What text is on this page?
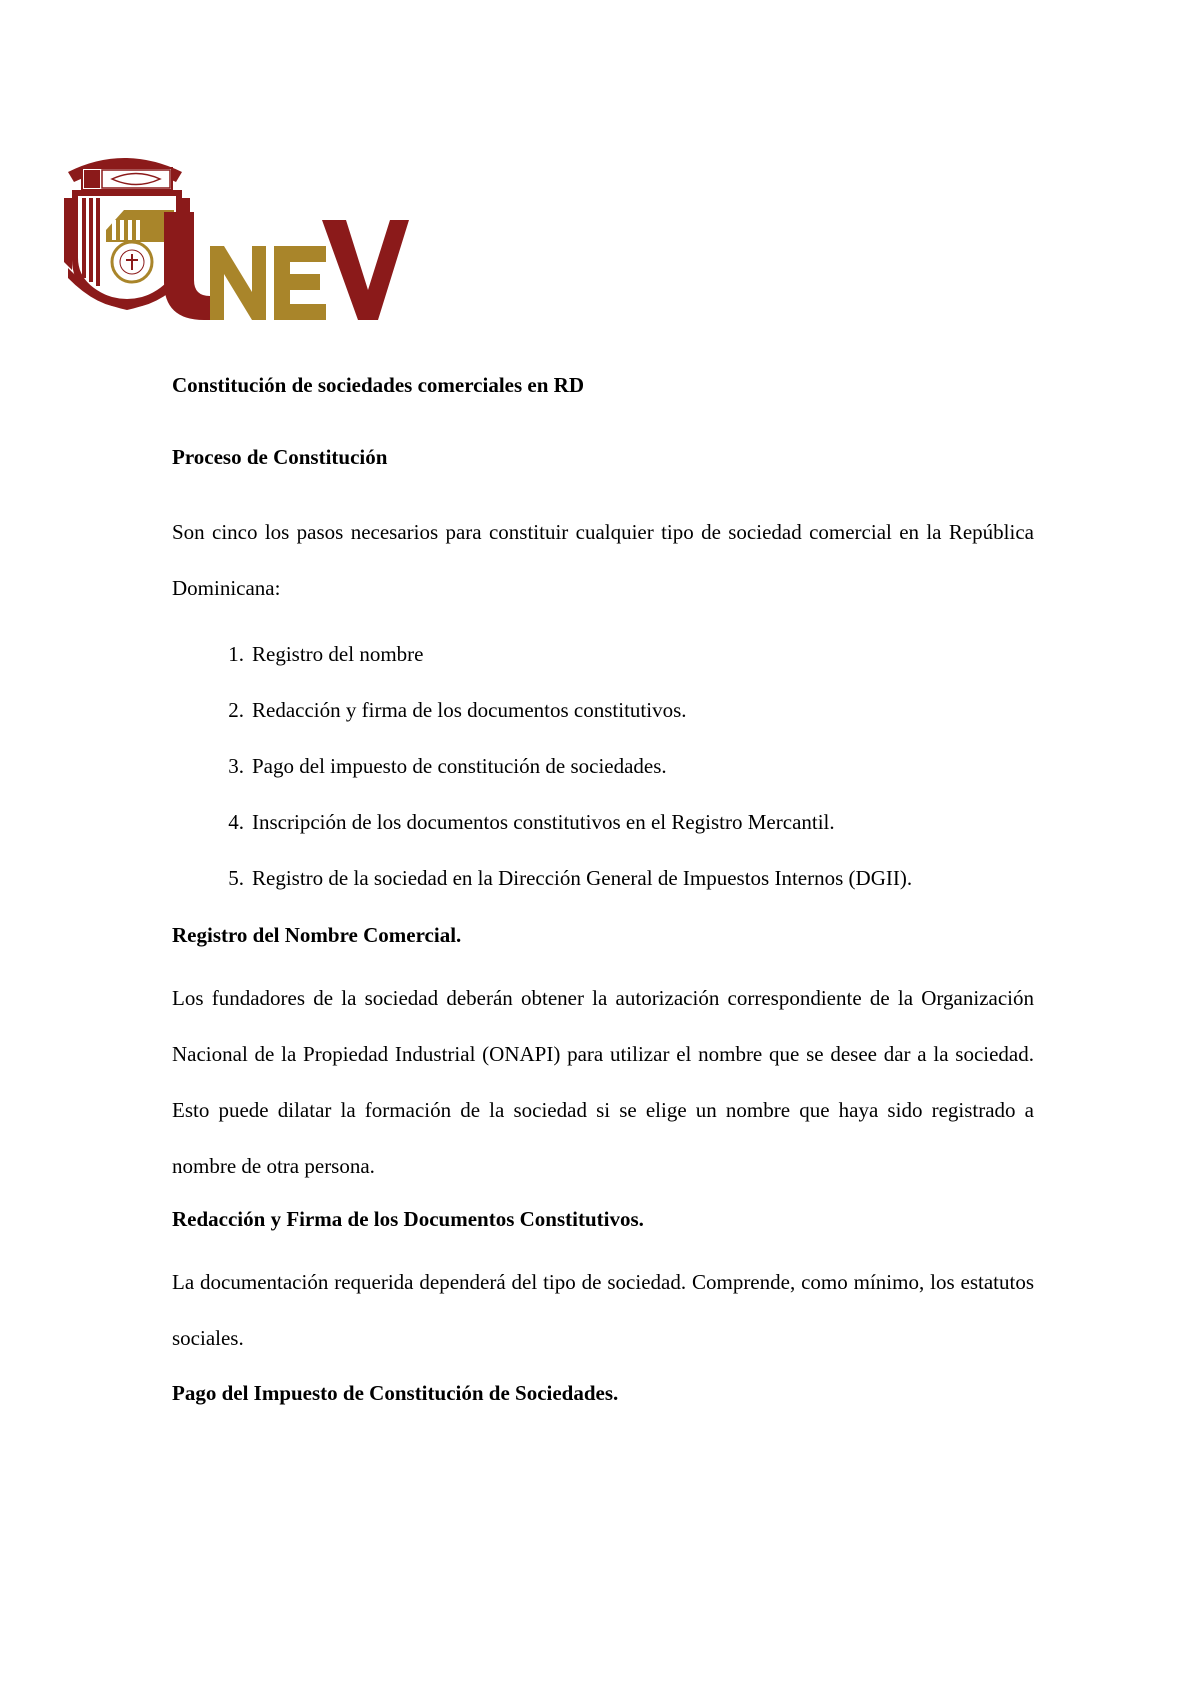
Constitución de sociedades comerciales en RD

Proceso de Constitución

Son cinco los pasos necesarios para constituir cualquier tipo de sociedad comercial en la República Dominicana:

1. Registro del nombre
2. Redacción y firma de los documentos constitutivos.
3. Pago del impuesto de constitución de sociedades.
4. Inscripción de los documentos constitutivos en el Registro Mercantil.
5. Registro de la sociedad en la Dirección General de Impuestos Internos (DGII).

Registro del Nombre Comercial.

Los fundadores de la sociedad deberán obtener la autorización correspondiente de la Organización Nacional de la Propiedad Industrial (ONAPI) para utilizar el nombre que se desee dar a la sociedad. Esto puede dilatar la formación de la sociedad si se elige un nombre que haya sido registrado a nombre de otra persona.

Redacción y Firma de los Documentos Constitutivos.

La documentación requerida dependerá del tipo de sociedad. Comprende, como mínimo, los estatutos sociales.

Pago del Impuesto de Constitución de Sociedades.
